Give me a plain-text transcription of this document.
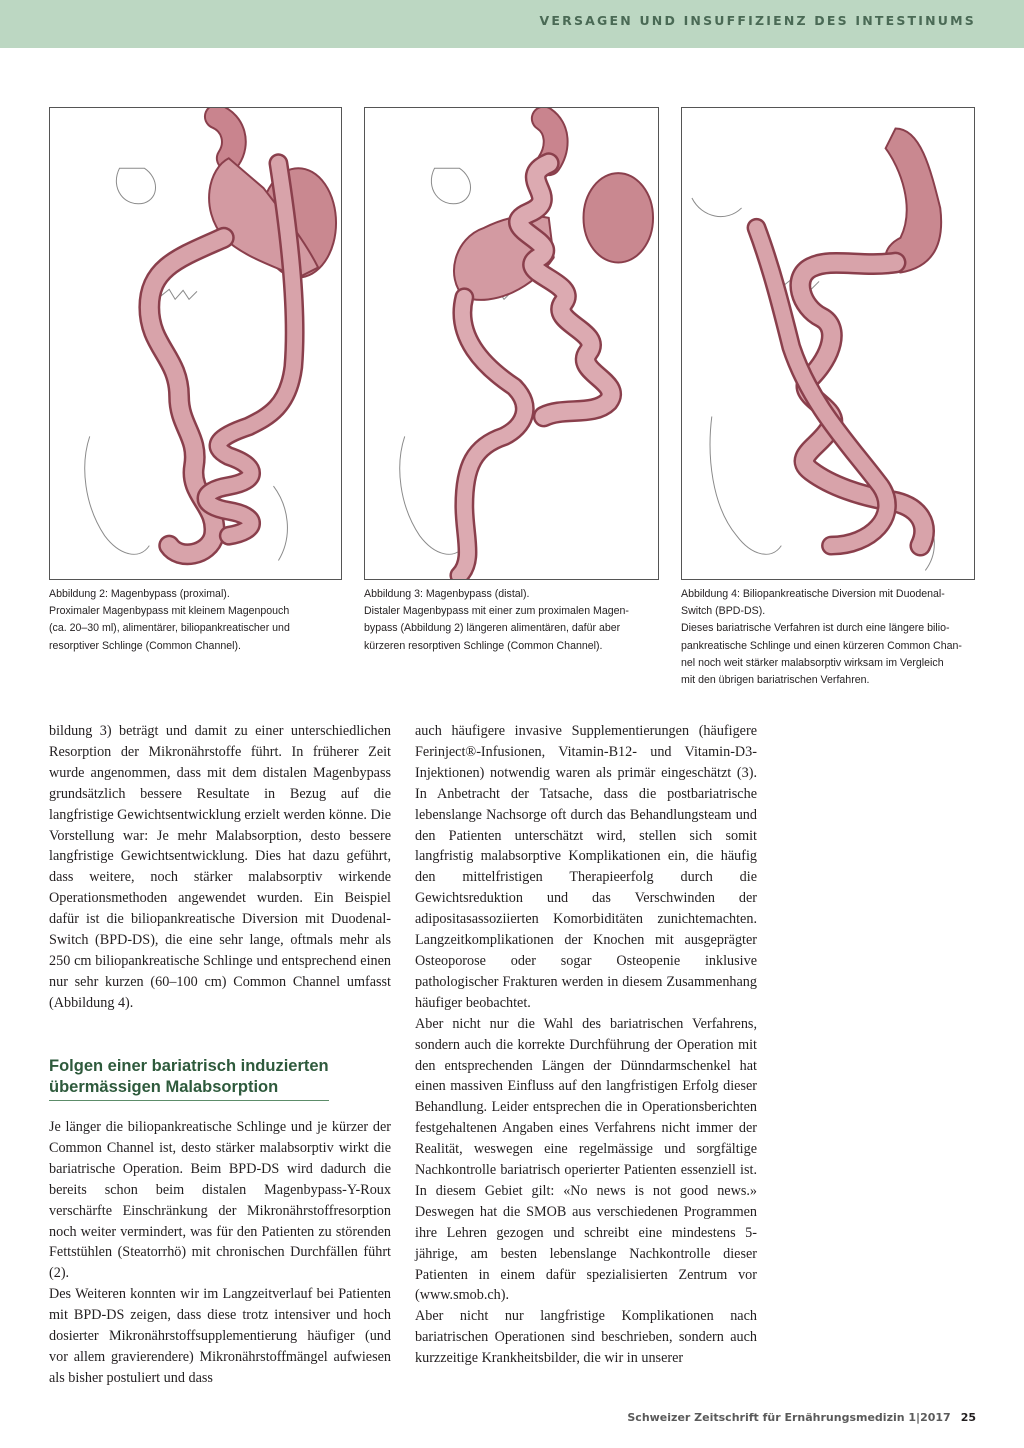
VERSAGEN UND INSUFFIZIENZ DES INTESTINUMS
Abbildung 2: Magenbypass (proximal).
Proximaler Magenbypass mit kleinem Magenpouch
(ca. 20–30 ml), alimentärer, biliopankreatischer und
resorptiver Schlinge (Common Channel).
Abbildung 3: Magenbypass (distal).
Distaler Magenbypass mit einer zum proximalen Magen-
bypass (Abbildung 2) längeren alimentären, dafür aber
kürzeren resorptiven Schlinge (Common Channel).
Abbildung 4: Biliopankreatische Diversion mit Duodenal-
Switch (BPD-DS).
Dieses bariatrische Verfahren ist durch eine längere bilio-
pankreatische Schlinge und einen kürzeren Common Chan-
nel noch weit stärker malabsorptiv wirksam im Vergleich
mit den übrigen bariatrischen Verfahren.

bildung 3) beträgt und damit zu einer unterschiedlichen Resorption der Mikronährstoffe führt. In früherer Zeit wurde angenommen, dass mit dem distalen Magenbypass grundsätzlich bessere Resultate in Bezug auf die langfristige Gewichtsentwicklung erzielt werden könne. Die Vorstellung war: Je mehr Malabsorption, desto bessere langfristige Gewichtsentwicklung. Dies hat dazu geführt, dass weitere, noch stärker malabsorptiv wirkende Operationsmethoden angewendet wurden. Ein Beispiel dafür ist die biliopankreatische Diversion mit Duodenal-Switch (BPD-DS), die eine sehr lange, oftmals mehr als 250 cm biliopankreatische Schlinge und entsprechend einen nur sehr kurzen (60–100 cm) Common Channel umfasst (Abbildung 4).

Folgen einer bariatrisch induzierten
übermässigen Malabsorption

Je länger die biliopankreatische Schlinge und je kürzer der Common Channel ist, desto stärker malabsorptiv wirkt die bariatrische Operation. Beim BPD-DS wird dadurch die bereits schon beim distalen Magenbypass-Y-Roux verschärfte Einschränkung der Mikronährstoffresorption noch weiter vermindert, was für den Patienten zu störenden Fettstühlen (Steatorrhö) mit chronischen Durchfällen führt (2).

Des Weiteren konnten wir im Langzeitverlauf bei Patienten mit BPD-DS zeigen, dass diese trotz intensiver und hoch dosierter Mikronährstoffsupplementierung häufiger (und vor allem gravierendere) Mikronährstoffmängel aufwiesen als bisher postuliert und dass

auch häufigere invasive Supplementierungen (häufigere Ferinject®-Infusionen, Vitamin-B12- und Vitamin-D3-Injektionen) notwendig waren als primär eingeschätzt (3). In Anbetracht der Tatsache, dass die postbariatrische lebenslange Nachsorge oft durch das Behandlungsteam und den Patienten unterschätzt wird, stellen sich somit langfristig malabsorptive Komplikationen ein, die häufig den mittelfristigen Therapieerfolg durch die Gewichtsreduktion und das Verschwinden der adipositasassoziierten Komorbiditäten zunichtemachten. Langzeitkomplikationen der Knochen mit ausgeprägter Osteoporose oder sogar Osteopenie inklusive pathologischer Frakturen werden in diesem Zusammenhang häufiger beobachtet.

Aber nicht nur die Wahl des bariatrischen Verfahrens, sondern auch die korrekte Durchführung der Operation mit den entsprechenden Längen der Dünndarmschenkel hat einen massiven Einfluss auf den langfristigen Erfolg dieser Behandlung. Leider entsprechen die in Operationsberichten festgehaltenen Angaben eines Verfahrens nicht immer der Realität, weswegen eine regelmässige und sorgfältige Nachkontrolle bariatrisch operierter Patienten essenziell ist. In diesem Gebiet gilt: «No news is not good news.» Deswegen hat die SMOB aus verschiedenen Programmen ihre Lehren gezogen und schreibt eine mindestens 5-jährige, am besten lebenslange Nachkontrolle dieser Patienten in einem dafür spezialisierten Zentrum vor (www.smob.ch).

Aber nicht nur langfristige Komplikationen nach bariatrischen Operationen sind beschrieben, sondern auch kurzzeitige Krankheitsbilder, die wir in unserer

Schweizer Zeitschrift für Ernährungsmedizin 1|2017 25
